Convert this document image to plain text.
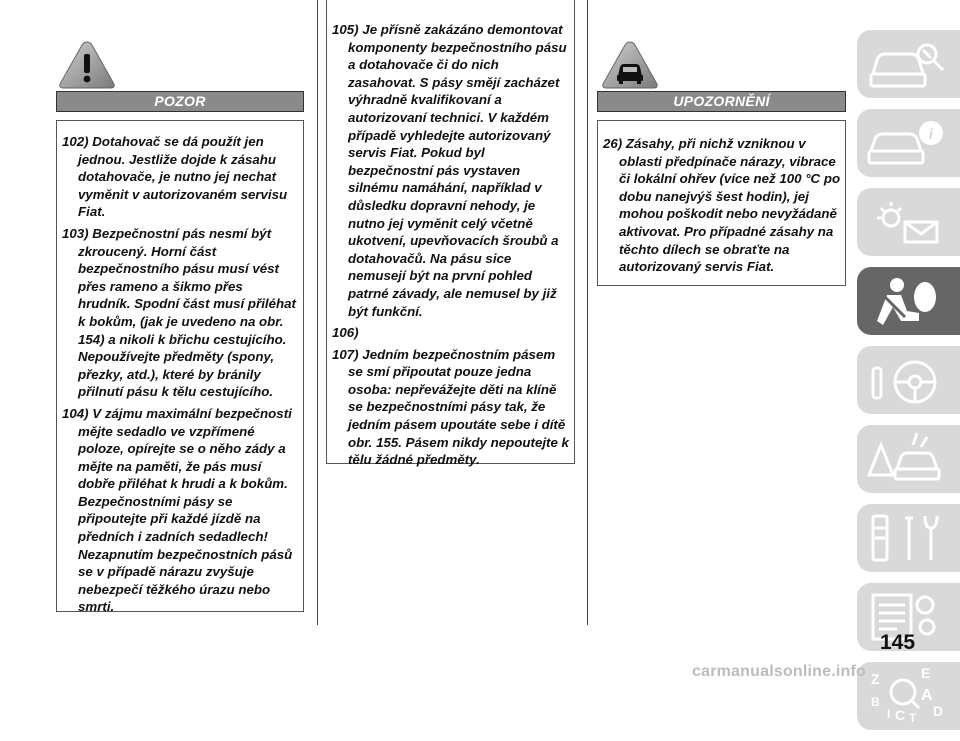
POZOR

102) Dotahovač se dá použít jen jednou. Jestliže dojde k zásahu dotahovače, je nutno jej nechat vyměnit v autorizovaném servisu Fiat.

103) Bezpečnostní pás nesmí být zkroucený. Horní část bezpečnostního pásu musí vést přes rameno a šikmo přes hrudník. Spodní část musí přiléhat k bokům, (jak je uvedeno na obr. 154) a nikoli k břichu cestujícího. Nepoužívejte předměty (spony, přezky, atd.), které by bránily přilnutí pásu k tělu cestujícího.

104) V zájmu maximální bezpečnosti mějte sedadlo ve vzpřímené poloze, opírejte se o něho zády a mějte na paměti, že pás musí dobře přiléhat k hrudi a k bokům. Bezpečnostními pásy se připoutejte při každé jízdě na předních i zadních sedadlech! Nezapnutím bezpečnostních pásů se v případě nárazu zvyšuje nebezpečí těžkého úrazu nebo smrti.

105) Je přísně zakázáno demontovat komponenty bezpečnostního pásu a dotahovače či do nich zasahovat. S pásy smějí zacházet výhradně kvalifikovaní a autorizovaní technici. V každém případě vyhledejte autorizovaný servis Fiat. Pokud byl bezpečnostní pás vystaven silnému namáhání, například v důsledku dopravní nehody, je nutno jej vyměnit celý včetně ukotvení, upevňovacích šroubů a dotahovačů. Na pásu sice nemusejí být na první pohled patrné závady, ale nemusel by již být funkční.

106)

107) Jedním bezpečnostním pásem se smí připoutat pouze jedna osoba: nepřevážejte děti na klíně se bezpečnostními pásy tak, že jedním pásem upoutáte sebe i dítě obr. 155. Pásem nikdy nepoutejte k tělu žádné předměty.

UPOZORNĚNÍ

26) Zásahy, při nichž vzniknou v oblasti předpínače nárazy, vibrace či lokální ohřev (více než 100 °C po dobu nanejvýš šest hodin), jej mohou poškodit nebo nevyžádaně aktivovat. Pro případné zásahy na těchto dílech se obraťte na autorizovaný servis Fiat.

i
Z	E
B	A
I C T D
145
carmanualsonline.info
